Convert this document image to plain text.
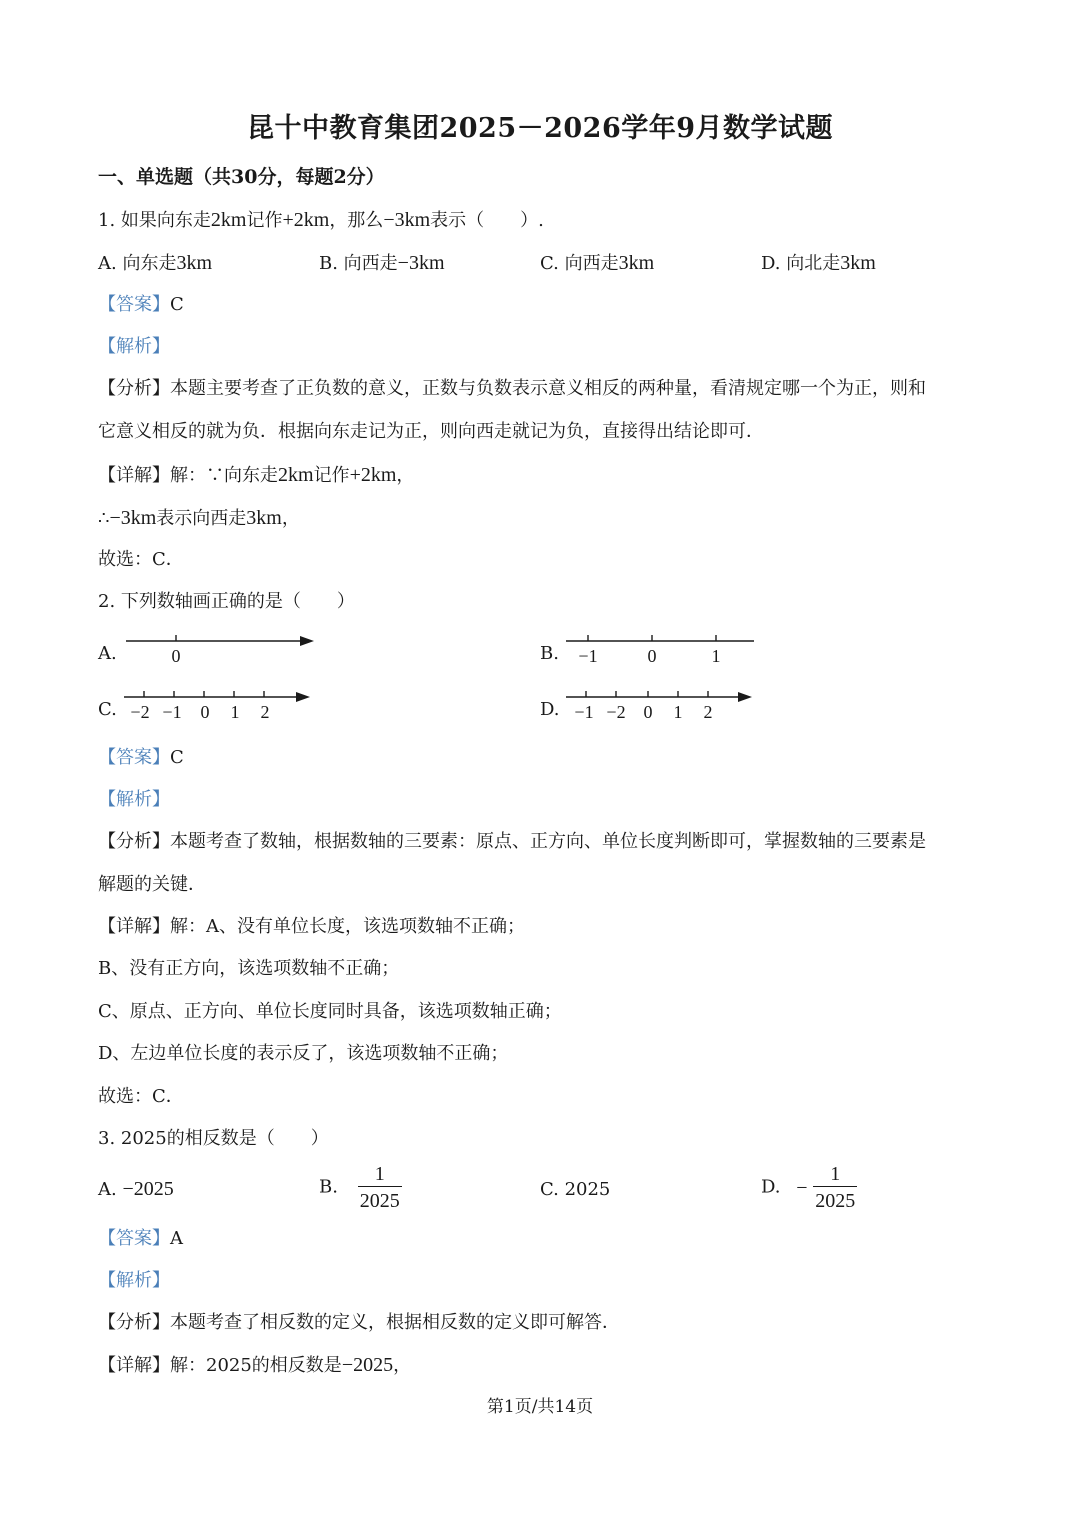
昆十中教育集团2025－2026学年9月数学试题
一、单选题（共30分，每题2分）
1. 如果向东走2km记作+2km，那么−3km表示（　　）.
A. 向东走3km	B. 向西走−3km	C. 向西走3km	D. 向北走3km
【答案】C
【解析】
【分析】本题主要考查了正负数的意义，正数与负数表示意义相反的两种量，看清规定哪一个为正，则和
它意义相反的就为负．根据向东走记为正，则向西走就记为负，直接得出结论即可．
【详解】解：∵向东走2km记作+2km，
∴−3km表示向西走3km，
故选：C．
2. 下列数轴画正确的是（　　）
A.	0	B. −1	0	1
C. −2 −1 0 1 2	D. −1 −2 0 1 2
【答案】C
【解析】
【分析】本题考查了数轴，根据数轴的三要素：原点、正方向、单位长度判断即可，掌握数轴的三要素是
解题的关键．
【详解】解：A、没有单位长度，该选项数轴不正确；
B、没有正方向，该选项数轴不正确；
C、原点、正方向、单位长度同时具备，该选项数轴正确；
D、左边单位长度的表示反了，该选项数轴不正确；
故选：C．
3. 2025的相反数是（　　）
A. −2025	B. $\frac{1}{2025}$	C. 2025	D. − $\frac{1}{2025}$
【答案】A
【解析】
【分析】本题考查了相反数的定义，根据相反数的定义即可解答．
【详解】解：2025的相反数是−2025，
第1页/共14页
